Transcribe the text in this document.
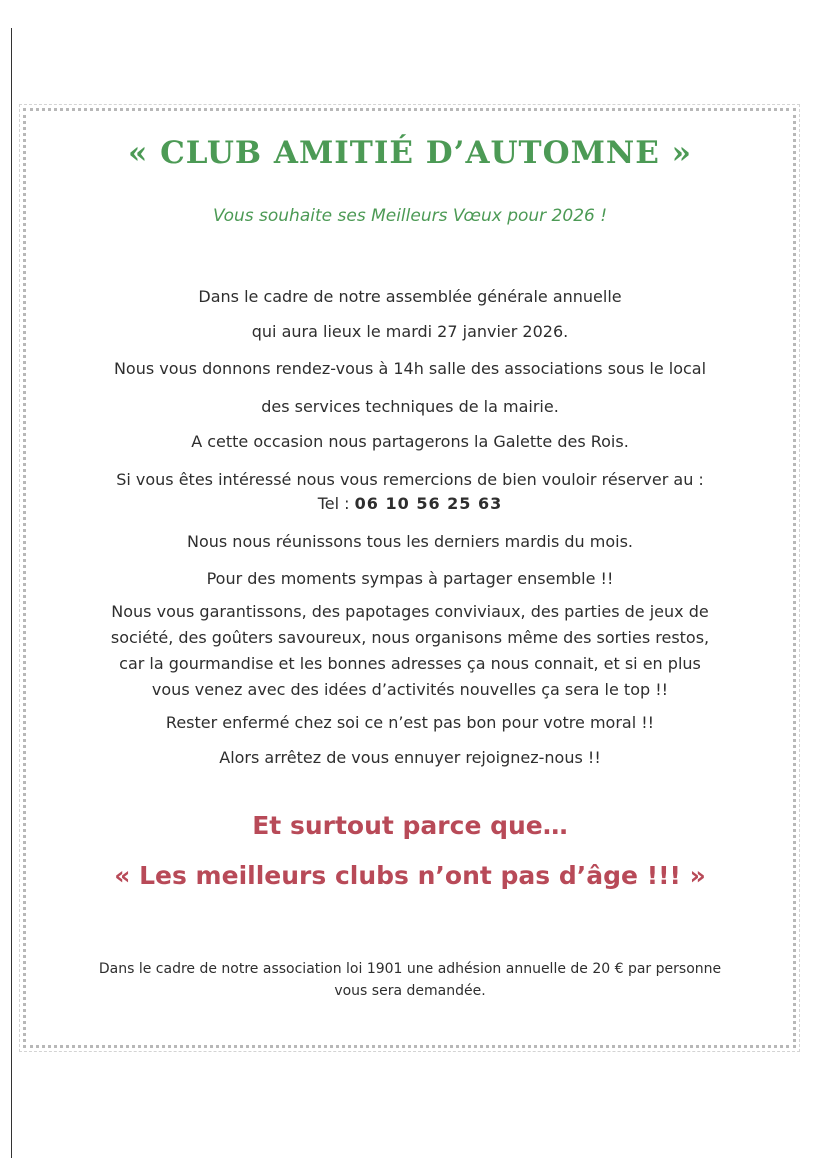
« CLUB AMITIÉ D’AUTOMNE »
Vous souhaite ses Meilleurs Vœux pour 2026 !
Dans le cadre de notre assemblée générale annuelle
qui aura lieux le mardi 27 janvier 2026.
Nous vous donnons rendez-vous à 14h salle des associations sous le local
des services techniques de la mairie.
A cette occasion nous partagerons la Galette des Rois.
Si vous êtes intéressé nous vous remercions de bien vouloir réserver au :
Tel : 06 10 56 25 63
Nous nous réunissons tous les derniers mardis du mois.
Pour des moments sympas à partager ensemble !!
Nous vous garantissons, des papotages conviviaux, des parties de jeux de
société, des goûters savoureux, nous organisons même des sorties restos,
car la gourmandise et les bonnes adresses ça nous connait, et si en plus
vous venez avec des idées d’activités nouvelles ça sera le top !!
Rester enfermé chez soi ce n’est pas bon pour votre moral !!
Alors arrêtez de vous ennuyer rejoignez-nous !!
Et surtout parce que…
« Les meilleurs clubs n’ont pas d’âge !!! »
Dans le cadre de notre association loi 1901 une adhésion annuelle de 20 € par personne
vous sera demandée.
